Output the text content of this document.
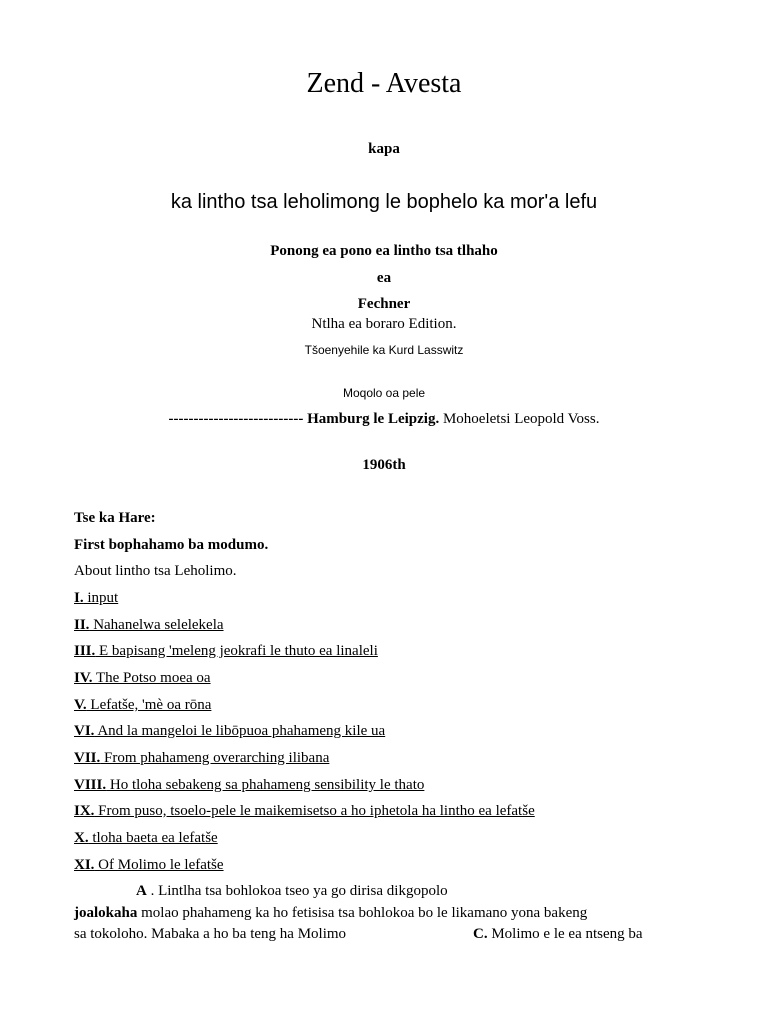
Zend - Avesta
kapa
ka lintho tsa leholimong le bophelo ka mor'a lefu
Ponong ea pono ea lintho tsa tlhaho
ea
Fechner
Ntlha ea boraro Edition.
Tšoenyehile ka Kurd Lasswitz
Moqolo oa pele
--------------------------- Hamburg le Leipzig. Mohoeletsi Leopold Voss.
1906th
Tse ka Hare:
First bophahamo ba modumo.
About lintho tsa Leholimo.
I. input
II. Nahanelwa selelekela
III. E bapisang 'meleng jeokrafi le thuto ea linaleli
IV. The Potso moea oa
V. Lefatše, 'mè oa rōna
VI. And la mangeloi le libōpuoa phahameng kile ua
VII. From phahameng overarching ilibana
VIII. Ho tloha sebakeng sa phahameng sensibility le thato
IX. From puso, tsoelo-pele le maikemisetso a ho iphetola ha lintho ea lefatše
X. tloha baeta ea lefatše
XI. Of Molimo le lefatše
A . Lintlha tsa bohlokoa tseo ya go dirisa dikgopolo
joalokaha molao phahameng ka ho fetisisa tsa bohlokoa bo le likamano yona bakeng
sa tokoloho. Mabaka a ho ba teng ha Molimo	C. Molimo e le ea ntseng ba
